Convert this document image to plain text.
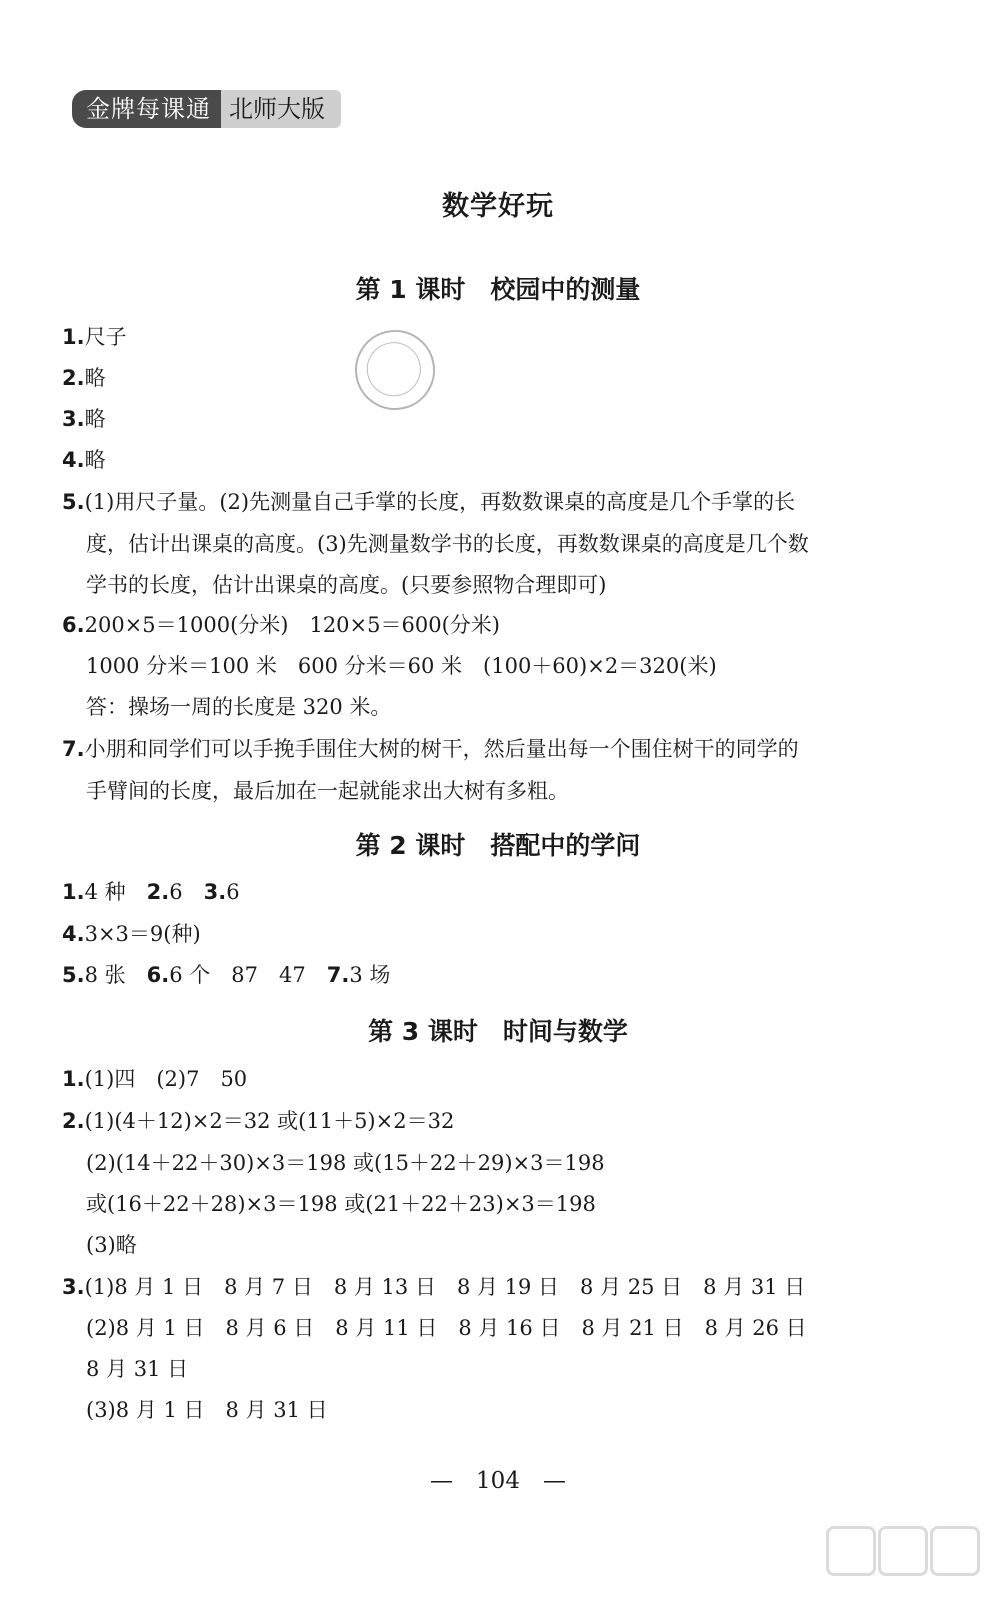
金牌每课通 北师大版
数学好玩
第 1 课时　校园中的测量
1.尺子
2.略
3.略
4.略
5.(1)用尺子量。(2)先测量自己手掌的长度，再数数课桌的高度是几个手掌的长
度，估计出课桌的高度。(3)先测量数学书的长度，再数数课桌的高度是几个数
学书的长度，估计出课桌的高度。(只要参照物合理即可)
6.200×5＝1000(分米)　120×5＝600(分米)
1000 分米＝100 米　600 分米＝60 米　(100＋60)×2＝320(米)
答：操场一周的长度是 320 米。
7.小朋和同学们可以手挽手围住大树的树干，然后量出每一个围住树干的同学的
手臂间的长度，最后加在一起就能求出大树有多粗。
第 2 课时　搭配中的学问
1.4 种　 2.6　 3.6
4.3×3＝9(种)
5.8 张　 6.6 个　87　47　 7.3 场
第 3 课时　时间与数学
1.(1)四　(2)7　50
2.(1)(4＋12)×2＝32 或(11＋5)×2＝32
(2)(14＋22＋30)×3＝198 或(15＋22＋29)×3＝198
或(16＋22＋28)×3＝198 或(21＋22＋23)×3＝198
(3)略
3.(1)8 月 1 日　8 月 7 日　8 月 13 日　8 月 19 日　8 月 25 日　8 月 31 日
(2)8 月 1 日　8 月 6 日　8 月 11 日　8 月 16 日　8 月 21 日　8 月 26 日
8 月 31 日
(3)8 月 1 日　8 月 31 日
—　104　—
